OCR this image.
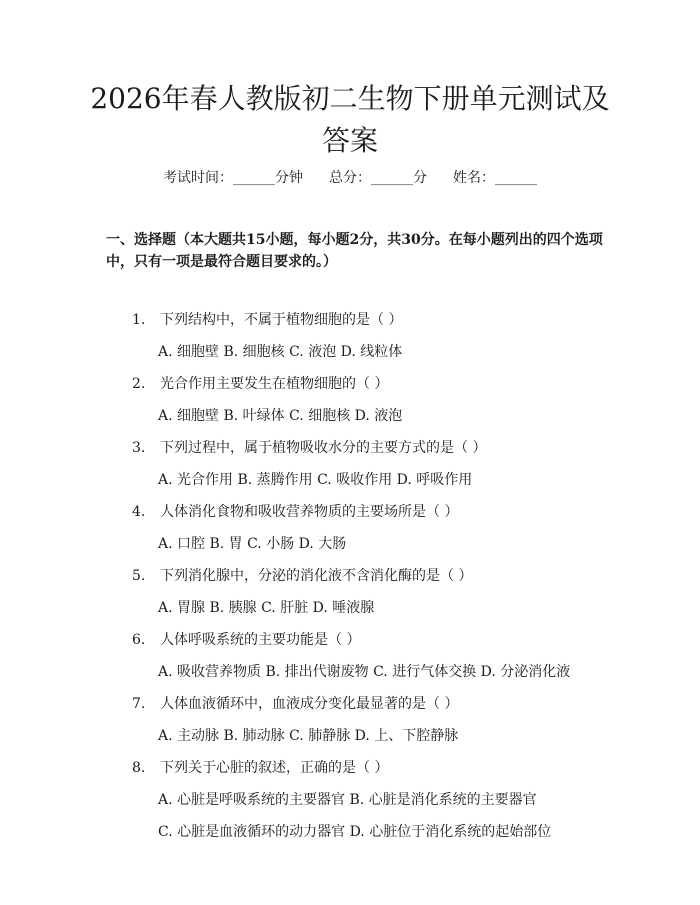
2026年春人教版初二生物下册单元测试及答案
考试时间：______分钟 总分：______分 姓名：______

一、选择题（本大题共15小题，每小题2分，共30分。在每小题列出的四个选项中，只有一项是最符合题目要求的。）

1. 下列结构中，不属于植物细胞的是（ ）
A. 细胞壁 B. 细胞核 C. 液泡 D. 线粒体
2. 光合作用主要发生在植物细胞的（ ）
A. 细胞壁 B. 叶绿体 C. 细胞核 D. 液泡
3. 下列过程中，属于植物吸收水分的主要方式的是（ ）
A. 光合作用 B. 蒸腾作用 C. 吸收作用 D. 呼吸作用
4. 人体消化食物和吸收营养物质的主要场所是（ ）
A. 口腔 B. 胃 C. 小肠 D. 大肠
5. 下列消化腺中，分泌的消化液不含消化酶的是（ ）
A. 胃腺 B. 胰腺 C. 肝脏 D. 唾液腺
6. 人体呼吸系统的主要功能是（ ）
A. 吸收营养物质 B. 排出代谢废物 C. 进行气体交换 D. 分泌消化液
7. 人体血液循环中，血液成分变化最显著的是（ ）
A. 主动脉 B. 肺动脉 C. 肺静脉 D. 上、下腔静脉
8. 下列关于心脏的叙述，正确的是（ ）
A. 心脏是呼吸系统的主要器官 B. 心脏是消化系统的主要器官
C. 心脏是血液循环的动力器官 D. 心脏位于消化系统的起始部位
